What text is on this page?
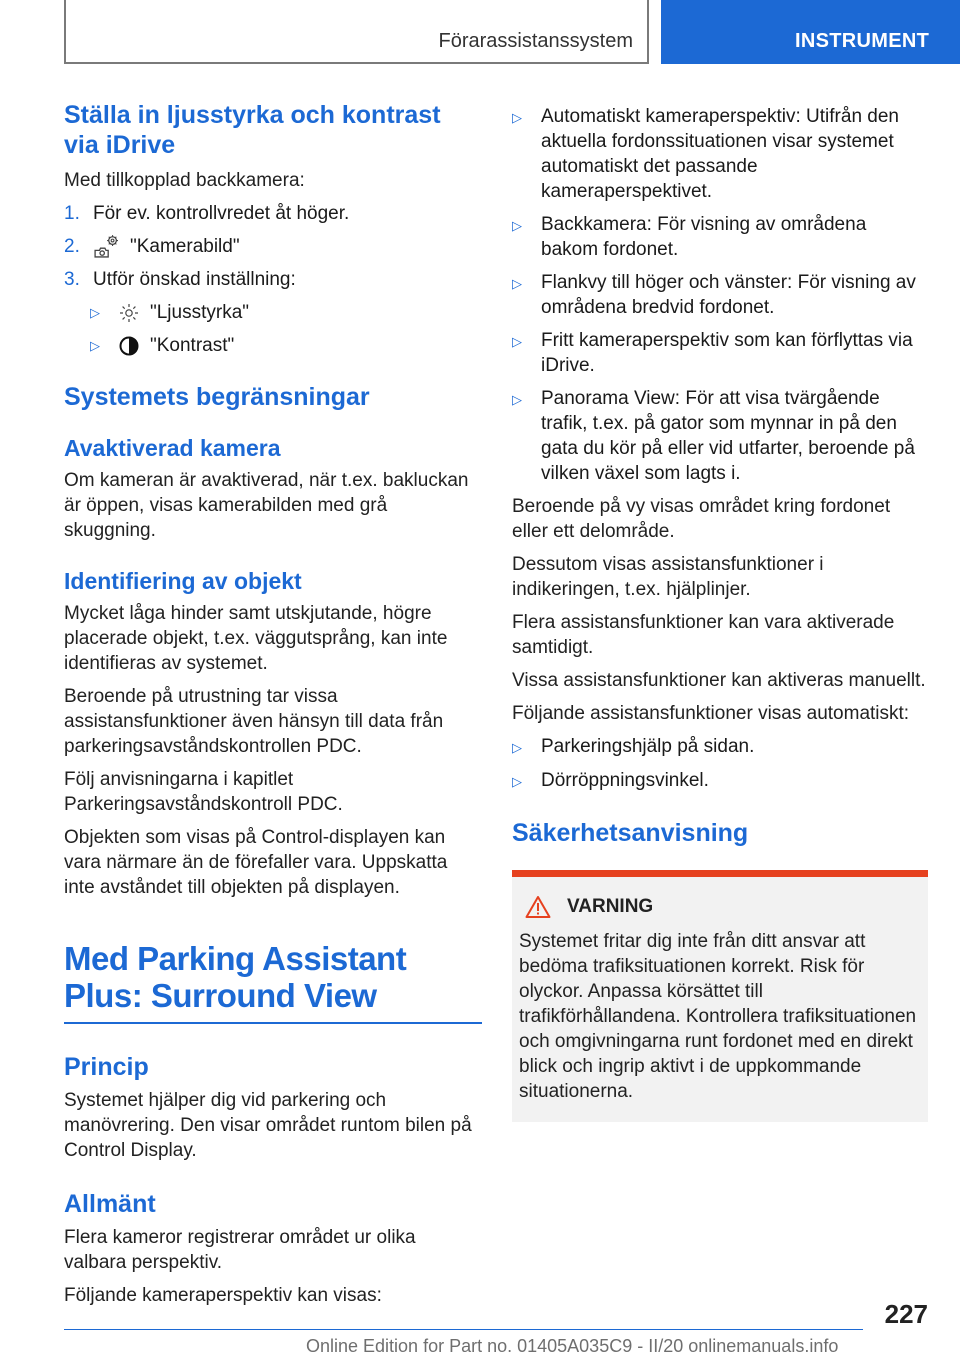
Förarassistanssystem	INSTRUMENT
Ställa in ljusstyrka och kontrast via iDrive

Med tillkopplad backkamera:

1. För ev. kontrollvredet åt höger.
2.	"Kamerabild"
3. Utför önskad inställning:
▷	"Ljusstyrka"
▷	"Kontrast"
Systemets begränsningar
Avaktiverad kamera

Om kameran är avaktiverad, när t.ex. bakluckan är öppen, visas kamerabilden med grå skuggning.

Identifiering av objekt

Mycket låga hinder samt utskjutande, högre placerade objekt, t.ex. väggutsprång, kan inte identifieras av systemet.

Beroende på utrustning tar vissa assistansfunktioner även hänsyn till data från parkeringsavståndskontrollen PDC.

Följ anvisningarna i kapitlet Parkeringsavståndskontroll PDC.

Objekten som visas på Control-displayen kan vara närmare än de förefaller vara. Uppskatta inte avståndet till objekten på displayen.

Med Parking Assistant Plus: Surround View
Princip

Systemet hjälper dig vid parkering och manövrering. Den visar området runtom bilen på Control Display.

Allmänt

Flera kameror registrerar området ur olika valbara perspektiv.

Följande kameraperspektiv kan visas:

▷	Automatiskt kameraperspektiv: Utifrån den aktuella fordonssituationen visar systemet automatiskt det passande kameraperspektivet.
▷	Backkamera: För visning av områdena bakom fordonet.
▷	Flankvy till höger och vänster: För visning av områdena bredvid fordonet.
▷	Fritt kameraperspektiv som kan förflyttas via iDrive.
▷	Panorama View: För att visa tvärgående trafik, t.ex. på gator som mynnar in på den gata du kör på eller vid utfarter, beroende på vilken växel som lagts i.

Beroende på vy visas området kring fordonet eller ett delområde.

Dessutom visas assistansfunktioner i indikeringen, t.ex. hjälplinjer.

Flera assistansfunktioner kan vara aktiverade samtidigt.

Vissa assistansfunktioner kan aktiveras manuellt.

Följande assistansfunktioner visas automatiskt:

▷	Parkeringshjälp på sidan.
▷	Dörröppningsvinkel.
Säkerhetsanvisning
VARNING

Systemet fritar dig inte från ditt ansvar att bedöma trafiksituationen korrekt. Risk för olyckor. Anpassa körsättet till trafikförhållandena. Kontrollera trafiksituationen och omgivningarna runt fordonet med en direkt blick och ingrip aktivt i de uppkommande situationerna.

227
Online Edition for Part no. 01405A035C9 - II/20 onlinemanuals.info
